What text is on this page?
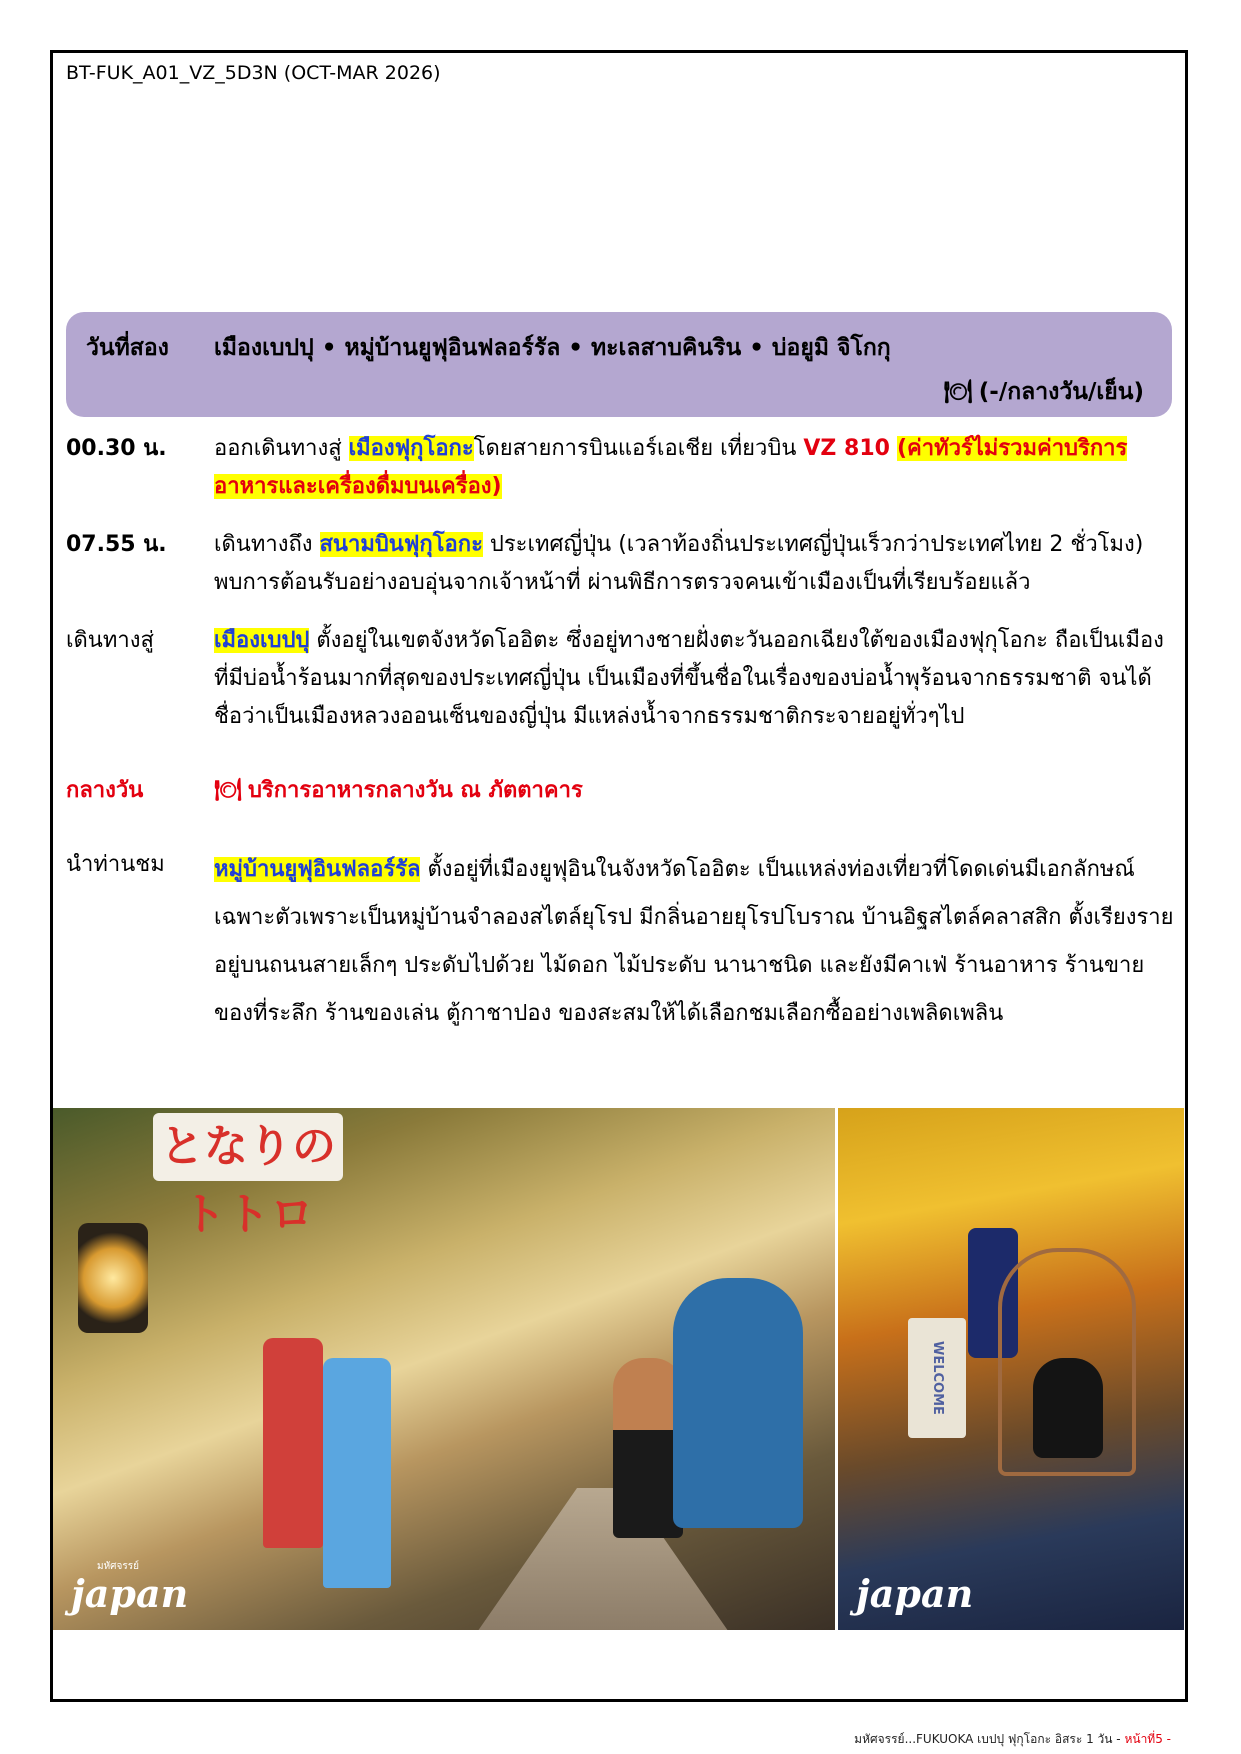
BT-FUK_A01_VZ_5D3N (OCT-MAR 2026)
วันที่สอง เมืองเบปปุ • หมู่บ้านยูฟุอินฟลอร์รัล • ทะเลสาบคินริน • บ่อยูมิ จิโกกุ
🍽 (-/กลางวัน/เย็น)
00.30 น. ออกเดินทางสู่ เมืองฟุกุโอกะโดยสายการบินแอร์เอเชีย เที่ยวบิน VZ 810 (ค่าทัวร์ไม่รวมค่าบริการอาหารและเครื่องดื่มบนเครื่อง)
07.55 น. เดินทางถึง สนามบินฟุกุโอกะ ประเทศญี่ปุ่น (เวลาท้องถิ่นประเทศญี่ปุ่นเร็วกว่าประเทศไทย 2 ชั่วโมง) พบการต้อนรับอย่างอบอุ่นจากเจ้าหน้าที่ ผ่านพิธีการตรวจคนเข้าเมืองเป็นที่เรียบร้อยแล้ว
เดินทางสู่	เมืองเบปปุ ตั้งอยู่ในเขตจังหวัดโออิตะ ซึ่งอยู่ทางชายฝั่งตะวันออกเฉียงใต้ของเมืองฟุกุโอกะ ถือเป็นเมืองที่มีบ่อน้ำร้อนมากที่สุดของประเทศญี่ปุ่น เป็นเมืองที่ขึ้นชื่อในเรื่องของบ่อน้ำพุร้อนจากธรรมชาติ จนได้ชื่อว่าเป็นเมืองหลวงออนเซ็นของญี่ปุ่น มีแหล่งน้ำจากธรรมชาติกระจายอยู่ทั่วๆไป
กลางวัน	🍽 บริการอาหารกลางวัน ณ ภัตตาคาร
นำท่านชม หมู่บ้านยูฟุอินฟลอร์รัล ตั้งอยู่ที่เมืองยูฟุอินในจังหวัดโออิตะ เป็นแหล่งท่องเที่ยวที่โดดเด่นมีเอกลักษณ์เฉพาะตัวเพราะเป็นหมู่บ้านจำลองสไตล์ยุโรป มีกลิ่นอายยุโรปโบราณ บ้านอิฐสไตล์คลาสสิก ตั้งเรียงรายอยู่บนถนนสายเล็กๆ ประดับไปด้วย ไม้ดอก ไม้ประดับ นานาชนิด และยังมีคาเฟ่ ร้านอาหาร ร้านขายของที่ระลึก ร้านของเล่น ตู้กาชาปอง ของสะสมให้ได้เลือกชมเลือกซื้ออย่างเพลิดเพลิน
となりのトトロ
มหัศจรรย์
japan
WELCOME
japan
มหัศจรรย์...FUKUOKA เบปปุ ฟุกุโอกะ อิสระ 1 วัน - หน้าที่5 -
